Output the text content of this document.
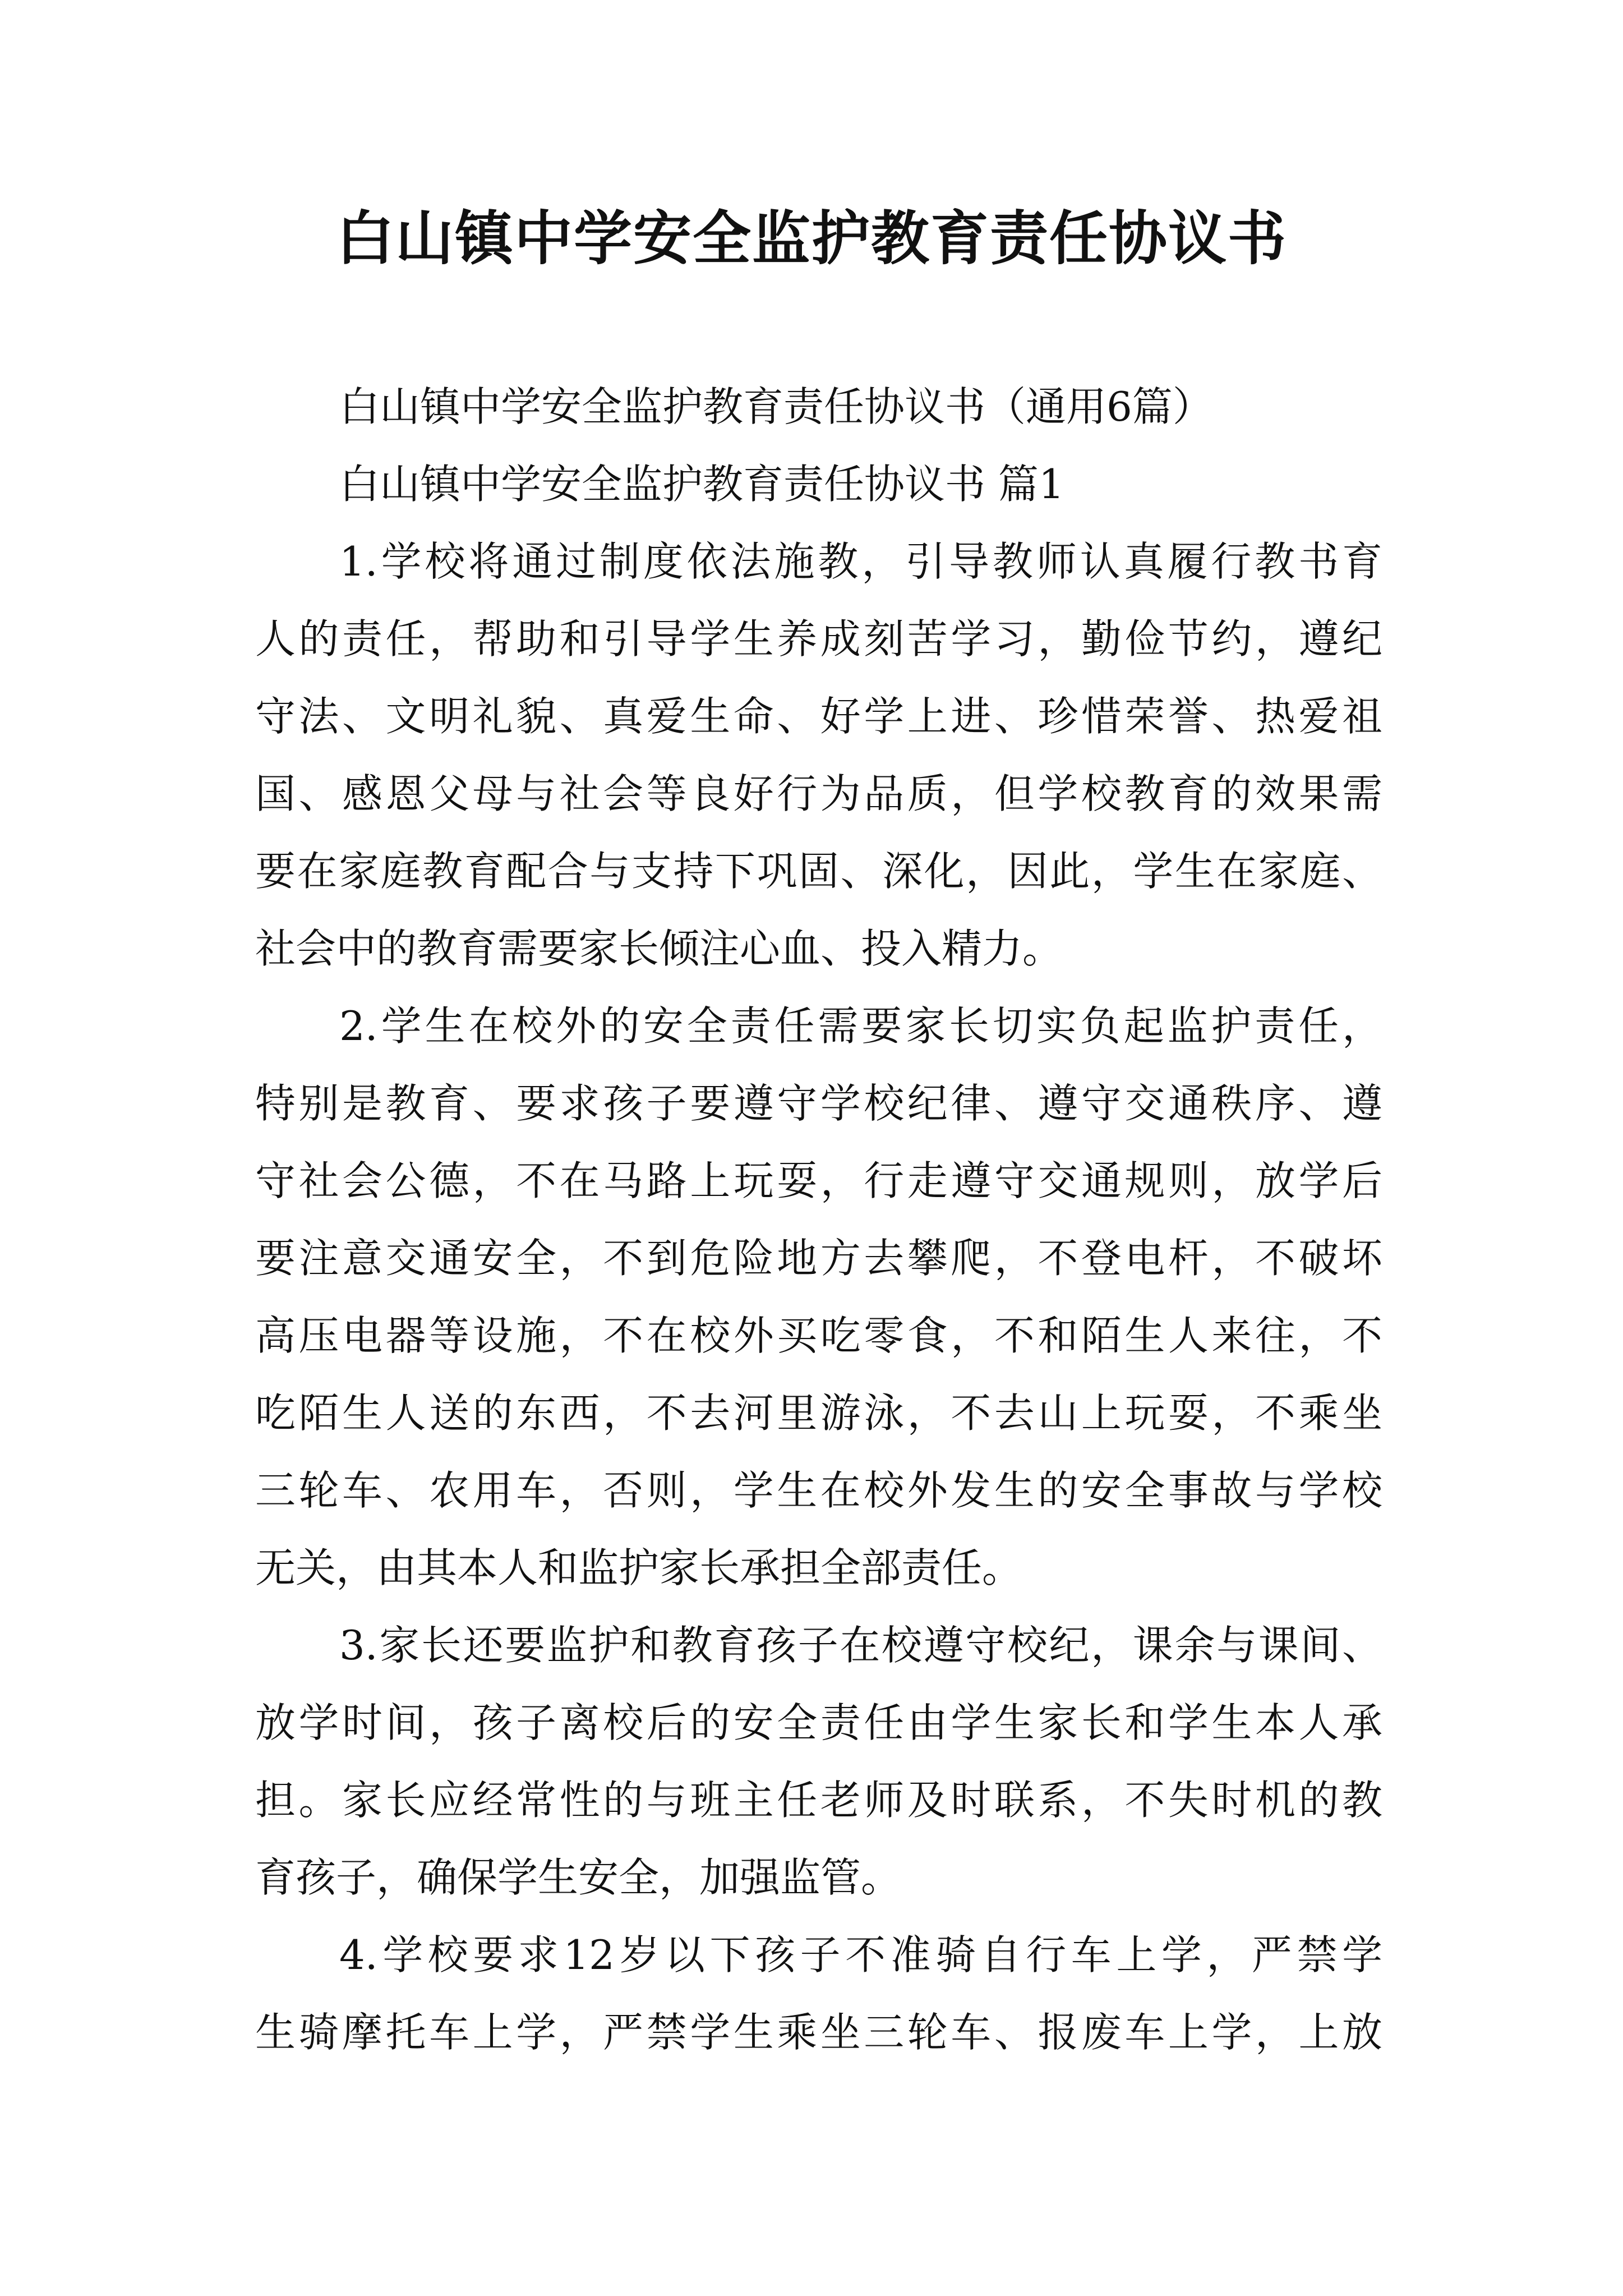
白山镇中学安全监护教育责任协议书
白山镇中学安全监护教育责任协议书（通用6篇）
白山镇中学安全监护教育责任协议书 篇1
1.学校将通过制度依法施教，引导教师认真履行教书育
人的责任，帮助和引导学生养成刻苦学习，勤俭节约，遵纪
守法、文明礼貌、真爱生命、好学上进、珍惜荣誉、热爱祖
国、感恩父母与社会等良好行为品质，但学校教育的效果需
要在家庭教育配合与支持下巩固、深化，因此，学生在家庭、
社会中的教育需要家长倾注心血、投入精力。
2.学生在校外的安全责任需要家长切实负起监护责任，
特别是教育、要求孩子要遵守学校纪律、遵守交通秩序、遵
守社会公德，不在马路上玩耍，行走遵守交通规则，放学后
要注意交通安全，不到危险地方去攀爬，不登电杆，不破坏
高压电器等设施，不在校外买吃零食，不和陌生人来往，不
吃陌生人送的东西，不去河里游泳，不去山上玩耍，不乘坐
三轮车、农用车，否则，学生在校外发生的安全事故与学校
无关，由其本人和监护家长承担全部责任。
3.家长还要监护和教育孩子在校遵守校纪，课余与课间、
放学时间，孩子离校后的安全责任由学生家长和学生本人承
担。家长应经常性的与班主任老师及时联系，不失时机的教
育孩子，确保学生安全，加强监管。
4.学校要求12岁以下孩子不准骑自行车上学，严禁学
生骑摩托车上学，严禁学生乘坐三轮车、报废车上学，上放
